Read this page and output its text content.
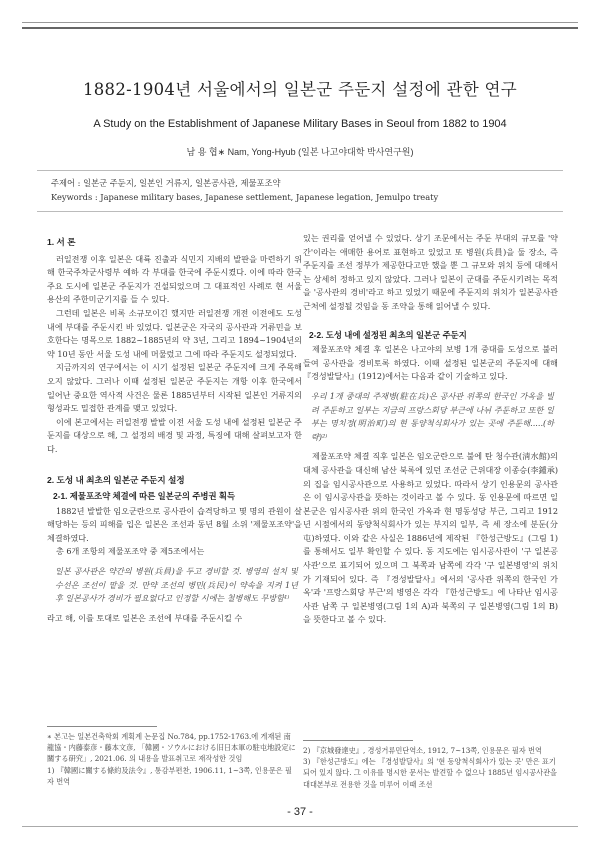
1882-1904년 서울에서의 일본군 주둔지 설정에 관한 연구
A Study on the Establishment of Japanese Military Bases in Seoul from 1882 to 1904
남 용 협∗ Nam, Yong-Hyub (일본 나고야대학 박사연구원)
주제어 : 일본군 주둔지, 일본인 거류지, 일본공사관, 제물포조약
Keywords : Japanese military bases, Japanese settlement, Japanese legation, Jemulpo treaty
1. 서 론

러일전쟁 이후 일본은 대륙 진출과 식민지 지배의 발판을 마련하기 위해 한국주차군사령부 예하 각 부대를 한국에 주둔시켰다. 이에 따라 한국 주요 도시에 일본군 주둔지가 건설되었으며 그 대표적인 사례로 현 서울 용산의 주한미군기지를 들 수 있다.

그런데 일본은 비록 소규모이긴 했지만 러일전쟁 개전 이전에도 도성 내에 부대를 주둔시킨 바 있었다. 일본군은 자국의 공사관과 거류민을 보호한다는 명목으로 1882~1885년의 약 3년, 그리고 1894~1904년의 약 10년 동안 서울 도성 내에 머물렀고 그에 따라 주둔지도 설정되었다.

지금까지의 연구에서는 이 시기 설정된 일본군 주둔지에 크게 주목해 오지 않았다. 그러나 이때 설정된 일본군 주둔지는 개항 이후 한국에서 일어난 중요한 역사적 사건은 물론 1885년부터 시작된 일본인 거류지의 형성과도 밀접한 관계를 맺고 있었다.

이에 본고에서는 러일전쟁 발발 이전 서울 도성 내에 설정된 일본군 주둔지를 대상으로 해, 그 설정의 배경 및 과정, 특징에 대해 살펴보고자 한다.

2. 도성 내 최초의 일본군 주둔지 설정
2-1. 제물포조약 체결에 따른 일본군의 주병권 획득

1882년 발발한 임오군란으로 공사관이 습격당하고 몇 명의 관원이 살해당하는 등의 피해를 입은 일본은 조선과 동년 8월 소위 '제물포조약'을 체결하였다.

총 6개 조항의 제물포조약 중 제5조에서는

일본 공사관은 약간의 병원(兵員)을 두고 경비할 것. 병영의 설치 및 수선은 조선이 맡을 것. 만약 조선의 병민(兵民)이 약속을 지켜 1년 후 일본공사가 경비가 필요없다고 인정할 시에는 철병해도 무방함¹⁾

라고 해, 이를 토대로 일본은 조선에 부대를 주둔시킬 수

∗ 본고는 일본건축학회 계획계 논문집 No.784, pp.1752-1763.에 게재된 南龍協・内藤泰彦・藤本文彦, 「韓國・ソウルにおける旧日本軍の駐屯地設定に關する研究」, 2021.06. 의 내용을 발표취고로 재작성한 것임
1) 『韓國に關する條約及法令』, 통감부편찬, 1906.11, 1~3쪽, 인용문은 필자 번역

있는 권리를 얻어낼 수 있었다. 상기 조문에서는 주둔 부대의 규모를 '약간'이라는 애매한 용어로 표현하고 있었고 또 병원(兵員)을 둘 장소, 즉 주둔지를 조선 정부가 제공한다고만 했을 뿐 그 규모와 위치 등에 대해서는 상세히 정하고 있지 않았다. 그러나 일본이 군대를 주둔시키려는 목적을 '공사관의 경비'라고 하고 있었기 때문에 주둔지의 위치가 일본공사관 근처에 설정될 것임을 동 조약을 통해 읽어낼 수 있다.

2-2. 도성 내에 설정된 최초의 일본군 주둔지

제물포조약 체결 후 일본은 나고야의 보병 1개 중대를 도성으로 불러들여 공사관을 경비토록 하였다. 이때 설정된 일본군의 주둔지에 대해 『경성발달사』(1912)에서는 다음과 같이 기술하고 있다.

우리 1개 중대의 주재병(駐在兵)은 공사관 위쪽의 한국인 가옥을 빌려 주둔하고 일부는 지금의 프랑스회당 부근에 나뉘 주둔하고 또한 일부는 명치정(明治町)의 현 동양척식회사가 있는 곳에 주둔해.....(하략)²⁾

제물포조약 체결 직후 일본은 임오군란으로 불에 탄 청수관(淸水館)의 대체 공사관을 대신해 남산 북록에 있던 조선군 근위대장 이종승(李鍾承)의 집을 임시공사관으로 사용하고 있었다. 따라서 상기 인용문의 공사관은 이 임시공사관을 뜻하는 것이라고 볼 수 있다. 동 인용문에 따르면 일본군은 임시공사관 위의 한국인 가옥과 현 명동성당 부근, 그리고 1912년 시점에서의 동양척식회사가 있는 부지의 일부, 즉 세 장소에 분둔(分屯)하였다. 이와 같은 사실은 1886년에 제작된 『한성근방도』(그림 1)를 통해서도 일부 확인할 수 있다. 동 지도에는 임시공사관이 '구 일본공사관'으로 표기되어 있으며 그 북쪽과 남쪽에 각각 '구 일본병영'의 위치가 기재되어 있다. 즉 『경성발달사』에서의 '공사관 위쪽의 한국인 가옥'과 '프랑스회당 부근'의 병영은 각각 『한성근방도』에 나타난 임시공사관 남쪽 구 일본병영(그림 1의 A)과 북쪽의 구 일본병영(그림 1의 B)을 뜻한다고 볼 수 있다.

2) 『京城發達史』, 경성거류민단역소, 1912, 7~13쪽, 인용문은 필자 번역
3) 『한성근방도』에는 『경성발달사』의 '현 동양척식회사가 있는 곳' 만은 표기되어 있지 않다. 그 이유를 명시한 문서는 발견할 수 없으나 1885년 임시공사관을 대대본부로 전용한 것을 미루어 이때 조선
- 37 -
